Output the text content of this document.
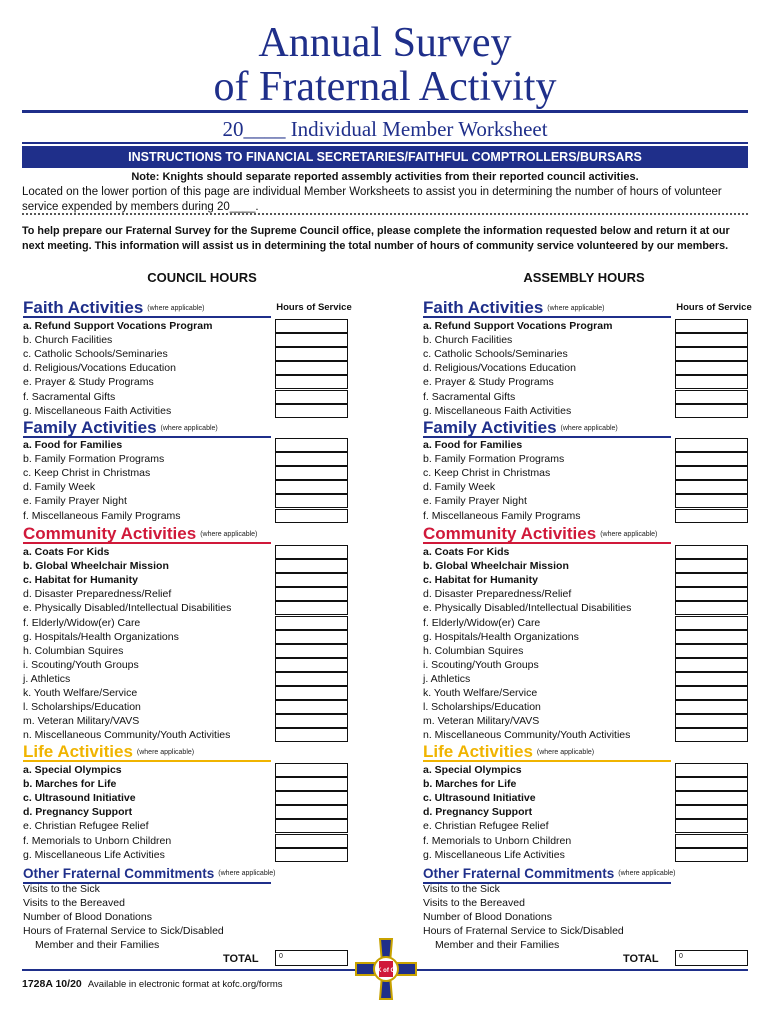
Annual Survey
of Fraternal Activity
20____ Individual Member Worksheet
INSTRUCTIONS TO FINANCIAL SECRETARIES/FAITHFUL COMPTROLLERS/BURSARS
Note: Knights should separate reported assembly activities from their reported council activities.
Located on the lower portion of this page are individual Member Worksheets to assist you in determining the number of hours of volunteer service expended by members during 20____.
To help prepare our Fraternal Survey for the Supreme Council office, please complete the information requested below and return it at our next meeting. This information will assist us in determining the total number of hours of community service volunteered by our members.
COUNCIL HOURS	ASSEMBLY HOURS
Faith Activities (where applicable)	Hours of Service
a. Refund Support Vocations Program
b. Church Facilities
c. Catholic Schools/Seminaries
d. Religious/Vocations Education
e. Prayer & Study Programs
f. Sacramental Gifts
g. Miscellaneous Faith Activities
Family Activities (where applicable)
a. Food for Families
b. Family Formation Programs
c. Keep Christ in Christmas
d. Family Week
e. Family Prayer Night
f. Miscellaneous Family Programs
Community Activities (where applicable)
a. Coats For Kids
b. Global Wheelchair Mission
c. Habitat for Humanity
d. Disaster Preparedness/Relief
e. Physically Disabled/Intellectual Disabilities
f. Elderly/Widow(er) Care
g. Hospitals/Health Organizations
h. Columbian Squires
i. Scouting/Youth Groups
j. Athletics
k. Youth Welfare/Service
l. Scholarships/Education
m. Veteran Military/VAVS
n. Miscellaneous Community/Youth Activities
Life Activities (where applicable)
a. Special Olympics
b. Marches for Life
c. Ultrasound Initiative
d. Pregnancy Support
e. Christian Refugee Relief
f. Memorials to Unborn Children
g. Miscellaneous Life Activities
Other Fraternal Commitments (where applicable)
Visits to the Sick
Visits to the Bereaved
Number of Blood Donations
Hours of Fraternal Service to Sick/Disabled
Member and their Families
TOTAL	0
Faith Activities (where applicable)	Hours of Service
a. Refund Support Vocations Program
b. Church Facilities
c. Catholic Schools/Seminaries
d. Religious/Vocations Education
e. Prayer & Study Programs
f. Sacramental Gifts
g. Miscellaneous Faith Activities
Family Activities (where applicable)
a. Food for Families
b. Family Formation Programs
c. Keep Christ in Christmas
d. Family Week
e. Family Prayer Night
f. Miscellaneous Family Programs
Community Activities (where applicable)
a. Coats For Kids
b. Global Wheelchair Mission
c. Habitat for Humanity
d. Disaster Preparedness/Relief
e. Physically Disabled/Intellectual Disabilities
f. Elderly/Widow(er) Care
g. Hospitals/Health Organizations
h. Columbian Squires
i. Scouting/Youth Groups
j. Athletics
k. Youth Welfare/Service
l. Scholarships/Education
m. Veteran Military/VAVS
n. Miscellaneous Community/Youth Activities
Life Activities (where applicable)
a. Special Olympics
b. Marches for Life
c. Ultrasound Initiative
d. Pregnancy Support
e. Christian Refugee Relief
f. Memorials to Unborn Children
g. Miscellaneous Life Activities
Other Fraternal Commitments (where applicable)
Visits to the Sick
Visits to the Bereaved
Number of Blood Donations
Hours of Fraternal Service to Sick/Disabled
Member and their Families
TOTAL	0
1728A 10/20 Available in electronic format at kofc.org/forms
K of C
